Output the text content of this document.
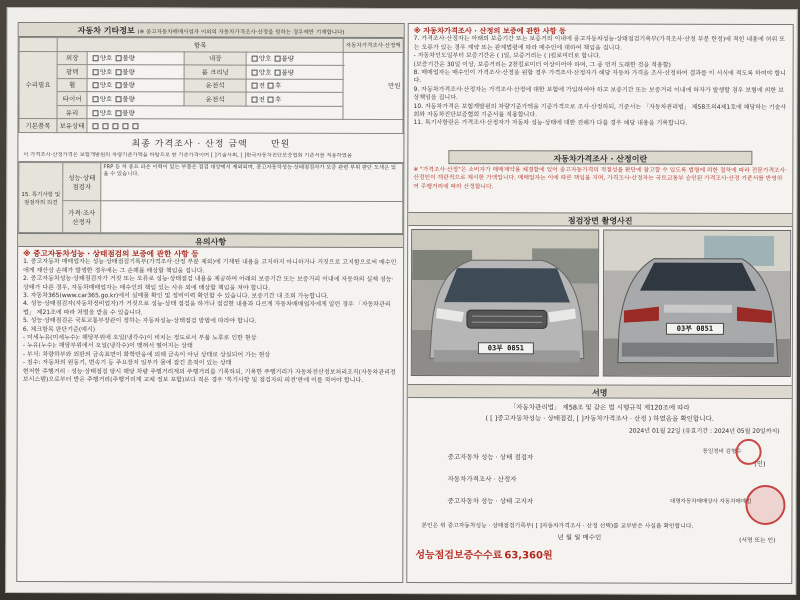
자동차 기타정보 (※ 중고자동차매매사업자 이외의 자동차가격조사·산정을 원하는 경우에만 기재합니다)
	항목				자동차가격조사·산정액
수리필요	외장	양호 불량	내장	양호 불량	만원
	광택	양호 불량	룸 크리닝	양호 불량	
	휠	양호 불량	운전석	전 후	
	타이어	양호 불량	운전석	전 후	
	유리	양호 불량			
기본품목	보유상태				
최종 가격조사 · 산정 금액	만원
이 가격조사·산정가격은 보험개발원의 차량기준가액을 바탕으로 한 기준가격이며 [ ]기술사회, [ ]한국자동차진단보증협회 기준서를 적용하였음
15. 특기사항 및 점검자의 의견	성능·상태 점검자	FRP 등 차 중요 파손 이력이 있는 부품은 점검 대상에서 제외되며, 중고자동차성능·상태점검자가 보증 관련 부위 판단 도색은 있을 수 있습니다.
	가격·조사 산정자	
유의사항
※ 중고자동차성능 · 상태점검의 보증에 관한 사항 등
1. 중고자동차 매매업자는 성능·상태점검기록부(가격조사·산정 부분 제외)에 기재된 내용을 고지하지 아니하거나 거짓으로 고지함으로써 매수인에게 재산상 손해가 발생한 경우에는 그 손해를 배상할 책임을 집니다.
2. 중고자동차성능·상태점검자가 거짓 또는 오류로 성능·상태점검 내용을 제공하여 아래의 보증기간 또는 보증거리 이내에 자동차의 실제 성능·상태가 다른 경우, 자동차매매업자는 매수인의 책임 있는 사유 외에 배상할 책임을 져야 합니다.
3. 자동차365(www.car365.go.kr)에서 실매물 확인 및 정비이력 확인할 수 있습니다. 보증기간 내 조회 가능합니다.
4. 성능·상태점검자(자동차정비업자)가 거짓으로 성능·상태 점검을 하거나 점검한 내용과 다르게 자동차매매업자에게 알린 경우 「자동차관리법」 제21조에 따라 처벌을 받을 수 있습니다.
5. 성능·상태점검은 국토교통부장관이 정하는 자동차성능·상태점검 방법에 따라야 합니다.
6. 체크항목 판단기준(예시)
- 미세누유(미세누수): 해당부위에 오일(냉각수)이 비치는 정도로서 부품 노후로 인한 현상
- 누유(누수): 해당부위에서 오일(냉각수)이 맺혀서 떨어지는 상태
- 부식: 차량하부와 외판의 금속표면이 화학반응에 의해 금속이 아닌 상태로 상실되어 가는 현상
- 침수: 자동차의 원동기, 변속기 등 주요장치 일부가 물에 잠긴 흔적이 있는 상태
현저한 주행거리 · 성능·상태점검 당시 해당 차량 주행거리계의 주행거리를 기록하되, 기록한 주행거리가 자동차전산정보처리조직(자동차관리정보시스템)으로부터 받은 주행거리(주행거리계 교체 정보 포함)보다 적은 경우 '특기사항 및 점검자의 의견'란에 이를 적어야 합니다.
※ 자동차가격조사 · 산정의 보증에 관한 사항 등
7. 가격조사·산정자는 아래의 보증기간 또는 보증거리 이내에 중고자동차성능·상태점검기록부(가격조사·산정 부분 한정)에 적힌 내용에 허위 또는 오류가 있는 경우 계약 또는 관계법령에 따라 매수인에 대하여 책임을 집니다.
- 자동차인도일부터 보증기간은 ( )일, 보증거리는 ( )킬로미터로 합니다.
(보증기간은 30일 이상, 보증거리는 2천킬로미터 이상이어야 하며, 그 중 먼저 도래한 것을 적용함)
8. 매매업자는 매수인이 가격조사·산정을 원할 경우 가격조사·산정자가 해당 자동차 가격을 조사·산정하여 결과를 이 서식에 적도록 하여야 합니다.
9. 자동차가격조사·산정자는 가격조사·산정에 대한 보험에 가입하여야 하고 보증기간 또는 보증거리 이내에 하자가 발생할 경우 보험에 의한 보상책임을 집니다.
10. 자동차가격은 보험개발원의 차량기준가액을 기준가격으로 조사·산정하되, 기준서는 「자동차관리법」 제58조의4제1호에 해당하는 기술사회와 자동차진단보증협회 기준서를 적용합니다.
11. 특기사항란은 가격조사·산정자가 자동차 성능·상태에 대한 견해가 다를 경우 해당 내용을 기록합니다.
자동차가격조사 · 산정이란
※ "가격조사·산정"은 소비자가 매매계약을 체결함에 있어 중고자동가격의 적절성을 판단에 참고할 수 있도록 법령에 의한 절차에 따라 전문가격조사·산정인이 객관적으로 제시한 가액입니다. 매매업자는 이에 따른 책임을 지며, 가격조사·산정자는 국토교통부 승인된 가격조사·산정 기준서를 반영하여 주행거리에 따라 산정합니다.
점검장면 촬영사진
03부 0851
03부 0851
서명
「자동차관리법」 제58조 및 같은 법 시행규칙 제120조에 따라
( [ ]중고자동차성능 · 상태점검, [ ]자동차가격조사 · 산정 ) 하였음을 확인합니다.
2024년 01월 22일 (유효기간 : 2024년 05월 20일까지)
중고자동차 성능 · 상태 점검자
동일정비 김형수
(인)
자동차가격조사 · 산정자
중고자동차 성능 · 상태 고지자	대명자동차매매상사 자동차매매업
본인은 위 중고자동차성능 · 상태점검기록부( [ ]자동차가격조사 · 산정 선택)를 교부받은 사실을 확인합니다.
년 월 일 매수인	(서명 또는 인)
성능점검보증수수료 63,360원
